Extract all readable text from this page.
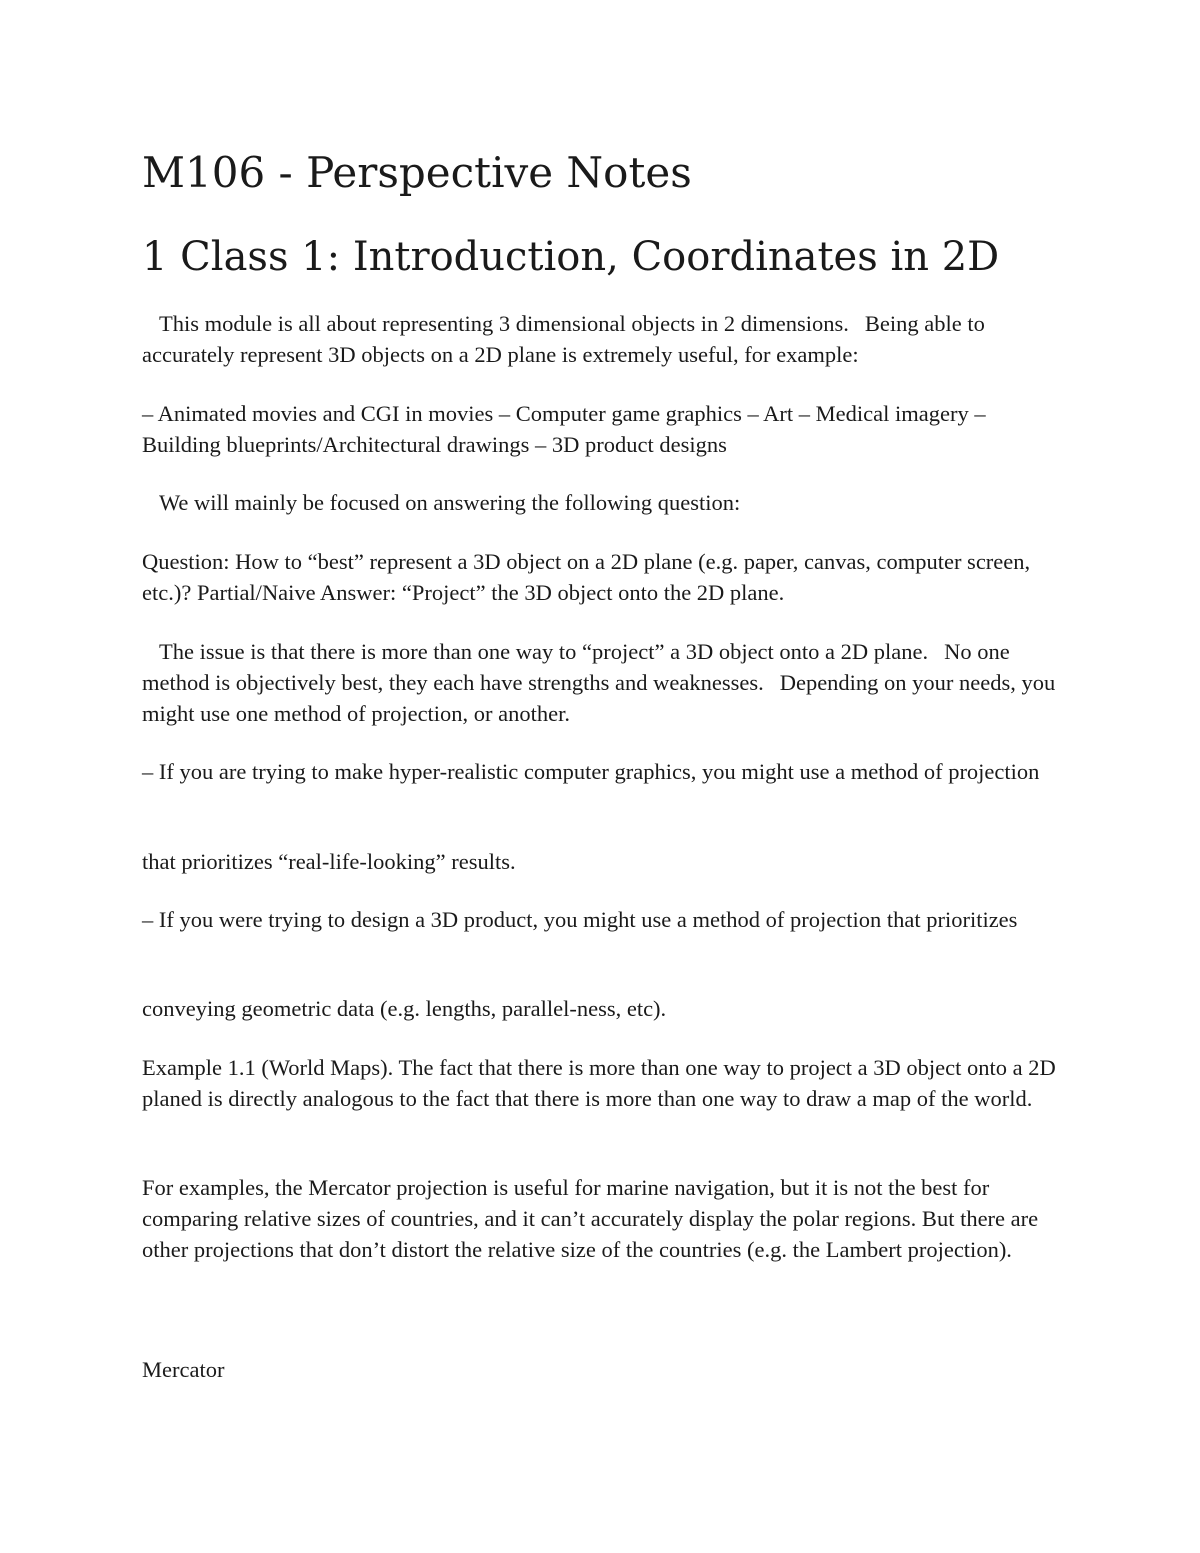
M106 - Perspective Notes
1 Class 1: Introduction, Coordinates in 2D

This module is all about representing 3 dimensional objects in 2 dimensions. Being able to accurately represent 3D objects on a 2D plane is extremely useful, for example:

– Animated movies and CGI in movies – Computer game graphics – Art – Medical imagery – Building blueprints/Architectural drawings – 3D product designs

We will mainly be focused on answering the following question:

Question: How to “best” represent a 3D object on a 2D plane (e.g. paper, canvas, computer screen, etc.)? Partial/Naive Answer: “Project” the 3D object onto the 2D plane.

The issue is that there is more than one way to “project” a 3D object onto a 2D plane. No one method is objectively best, they each have strengths and weaknesses. Depending on your needs, you might use one method of projection, or another.

– If you are trying to make hyper-realistic computer graphics, you might use a method of projection

that prioritizes “real-life-looking” results.

– If you were trying to design a 3D product, you might use a method of projection that prioritizes

conveying geometric data (e.g. lengths, parallel-ness, etc).

Example 1.1 (World Maps). The fact that there is more than one way to project a 3D object onto a 2D planed is directly analogous to the fact that there is more than one way to draw a map of the world.

For examples, the Mercator projection is useful for marine navigation, but it is not the best for comparing relative sizes of countries, and it can’t accurately display the polar regions. But there are other projections that don’t distort the relative size of the countries (e.g. the Lambert projection).

Mercator
